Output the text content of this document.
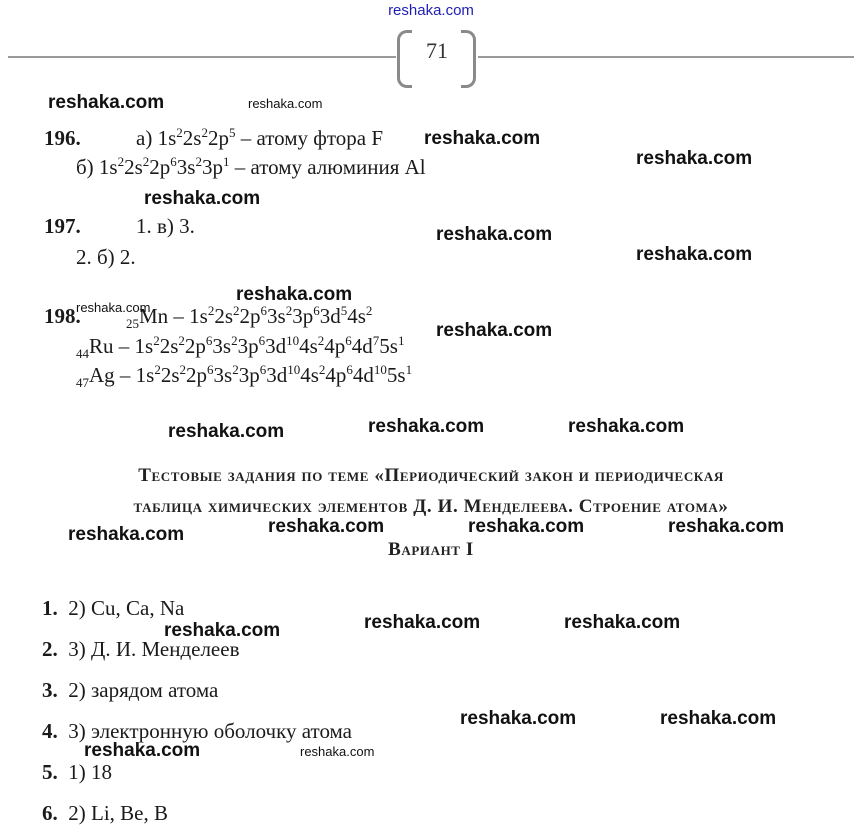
reshaka.com
71
196.	а) $1s^22s^22p^5$ – атому фтора F
б) $1s^22s^22p^63s^23p^1$ – атому алюминия Al
197.	1. в) 3.
2. б) 2.
198.	$_{25}Mn - 1s^22s^22p^63s^23p^63d^54s^2$
$_{44}Ru - 1s^22s^22p^63s^23p^63d^{10}4s^24p^64d^75s^1$
$_{47}Ag - 1s^22s^22p^63s^23p^63d^{10}4s^24p^64d^{10}5s^1$
Тестовые задания по теме «Периодический закон и периодическая
таблица химических элементов Д. И. Менделеева. Строение атома»
Вариант I
1. 2) Cu, Ca, Na
2. 3) Д. И. Менделеев
3. 2) зарядом атома
4. 3) электронную оболочку атома
5. 1) 18
6. 2) Li, Be, B
reshaka.com	reshaka.com
reshaka.com
reshaka.com
reshaka.com
reshaka.com
reshaka.com
reshaka.com
reshaka.com
reshaka.com
reshaka.com	reshaka.com	reshaka.com
reshaka.com	reshaka.com	reshaka.com	reshaka.com
reshaka.com	reshaka.com	reshaka.com
reshaka.com	reshaka.com
reshaka.com	reshaka.com
